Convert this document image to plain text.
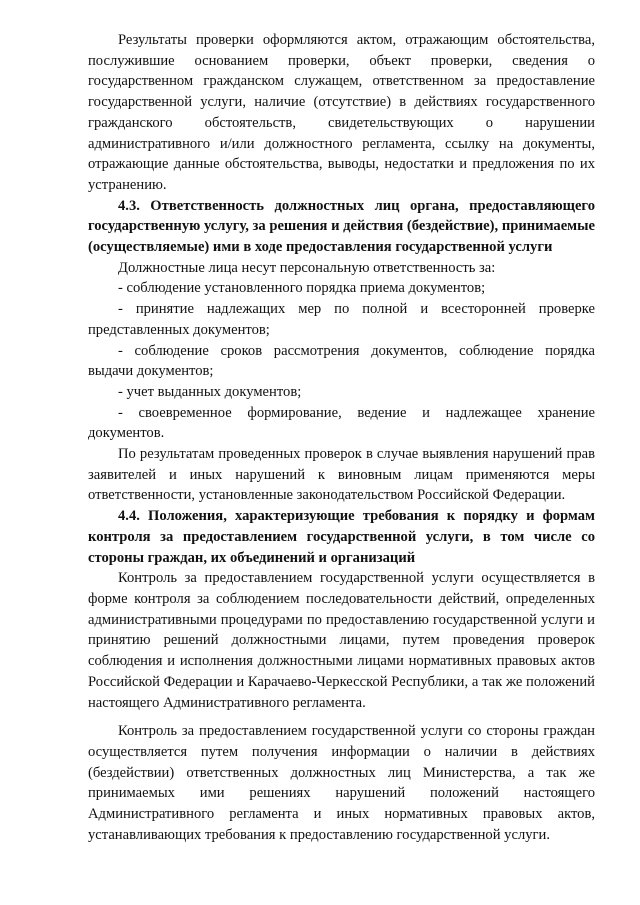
Результаты проверки оформляются актом, отражающим обстоятельства, послужившие основанием проверки, объект проверки, сведения о государственном гражданском служащем, ответственном за предоставление государственной услуги, наличие (отсутствие) в действиях государственного гражданского обстоятельств, свидетельствующих о нарушении административного и/или должностного регламента, ссылку на документы, отражающие данные обстоятельства, выводы, недостатки и предложения по их устранению.

4.3. Ответственность должностных лиц органа, предоставляющего государственную услугу, за решения и действия (бездействие), принимаемые (осуществляемые) ими в ходе предоставления государственной услуги

Должностные лица несут персональную ответственность за:

- соблюдение установленного порядка приема документов;

- принятие надлежащих мер по полной и всесторонней проверке представленных документов;

- соблюдение сроков рассмотрения документов, соблюдение порядка выдачи документов;

- учет выданных документов;

- своевременное формирование, ведение и надлежащее хранение документов.

По результатам проведенных проверок в случае выявления нарушений прав заявителей и иных нарушений к виновным лицам применяются меры ответственности, установленные законодательством Российской Федерации.

4.4. Положения, характеризующие требования к порядку и формам контроля за предоставлением государственной услуги, в том числе со стороны граждан, их объединений и организаций

Контроль за предоставлением государственной услуги осуществляется в форме контроля за соблюдением последовательности действий, определенных административными процедурами по предоставлению государственной услуги и принятию решений должностными лицами, путем проведения проверок соблюдения и исполнения должностными лицами нормативных правовых актов Российской Федерации и Карачаево-Черкесской Республики, а так же положений настоящего Административного регламента.

Контроль за предоставлением государственной услуги со стороны граждан осуществляется путем получения информации о наличии в действиях (бездействии) ответственных должностных лиц Министерства, а так же принимаемых ими решениях нарушений положений настоящего Административного регламента и иных нормативных правовых актов, устанавливающих требования к предоставлению государственной услуги.
